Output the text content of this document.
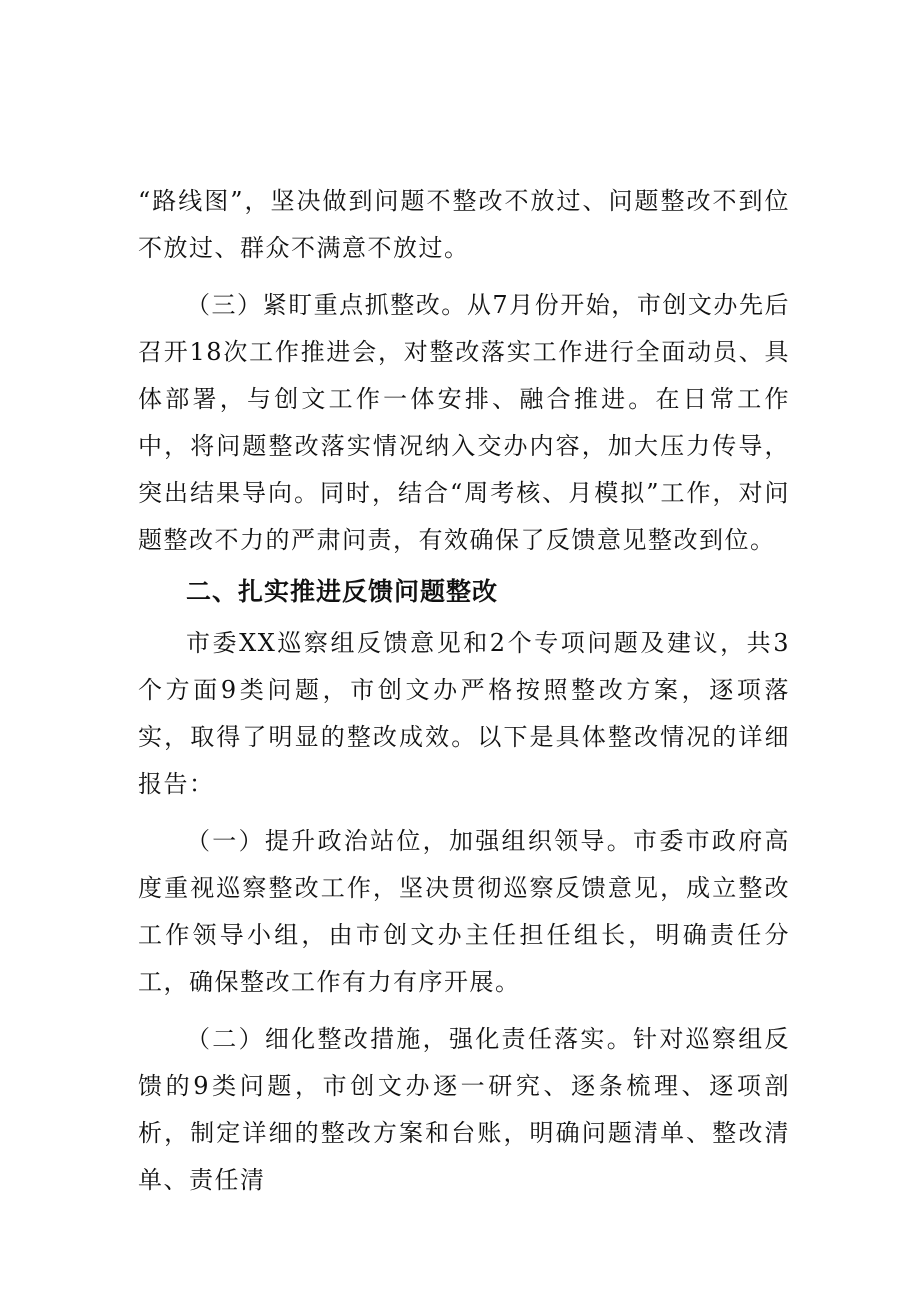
“路线图”，坚决做到问题不整改不放过、问题整改不到位不放过、群众不满意不放过。

（三）紧盯重点抓整改。从7月份开始，市创文办先后召开18次工作推进会，对整改落实工作进行全面动员、具体部署，与创文工作一体安排、融合推进。在日常工作中，将问题整改落实情况纳入交办内容，加大压力传导，突出结果导向。同时，结合“周考核、月模拟”工作，对问题整改不力的严肃问责，有效确保了反馈意见整改到位。

二、扎实推进反馈问题整改

市委XX巡察组反馈意见和2个专项问题及建议，共3个方面9类问题，市创文办严格按照整改方案，逐项落实，取得了明显的整改成效。以下是具体整改情况的详细报告：

（一）提升政治站位，加强组织领导。市委市政府高度重视巡察整改工作，坚决贯彻巡察反馈意见，成立整改工作领导小组，由市创文办主任担任组长，明确责任分工，确保整改工作有力有序开展。

（二）细化整改措施，强化责任落实。针对巡察组反馈的9类问题，市创文办逐一研究、逐条梳理、逐项剖析，制定详细的整改方案和台账，明确问题清单、整改清单、责任清
